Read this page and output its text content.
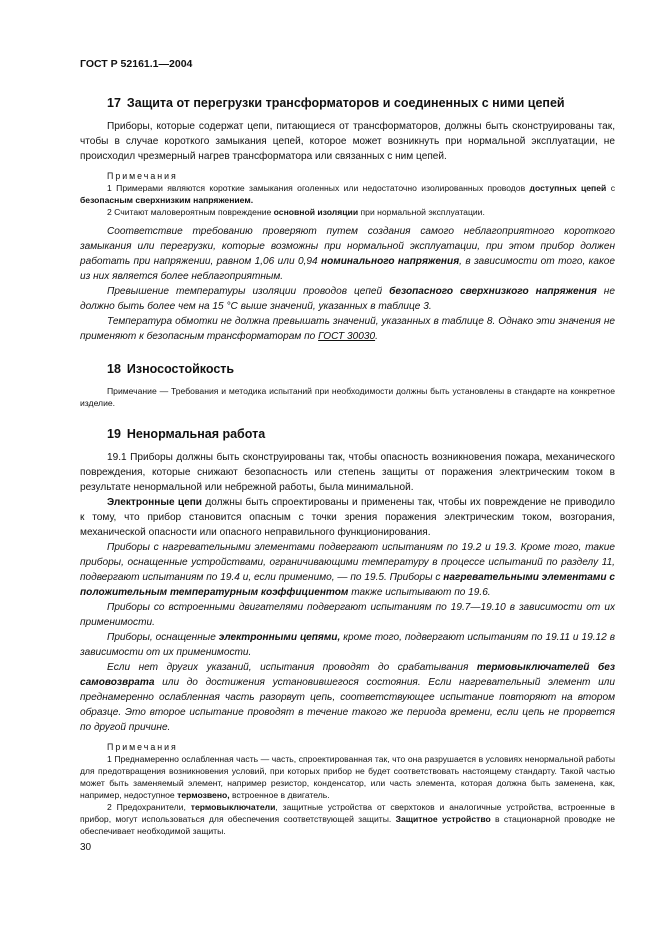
ГОСТ Р 52161.1—2004
17 Защита от перегрузки трансформаторов и соединенных с ними цепей

Приборы, которые содержат цепи, питающиеся от трансформаторов, должны быть сконструированы так, чтобы в случае короткого замыкания цепей, которое может возникнуть при нормальной эксплуатации, не происходил чрезмерный нагрев трансформатора или связанных с ним цепей.

Примечания

1 Примерами являются короткие замыкания оголенных или недостаточно изолированных проводов доступных цепей с безопасным сверхнизким напряжением.

2 Считают маловероятным повреждение основной изоляции при нормальной эксплуатации.

Соответствие требованию проверяют путем создания самого неблагоприятного короткого замыкания или перегрузки, которые возможны при нормальной эксплуатации, при этом прибор должен работать при напряжении, равном 1,06 или 0,94 номинального напряжения, в зависимости от того, какое из них является более неблагоприятным.

Превышение температуры изоляции проводов цепей безопасного сверхнизкого напряжения не должно быть более чем на 15 °С выше значений, указанных в таблице 3.

Температура обмотки не должна превышать значений, указанных в таблице 8. Однако эти значения не применяют к безопасным трансформаторам по ГОСТ 30030.

18 Износостойкость

Примечание — Требования и методика испытаний при необходимости должны быть установлены в стандарте на конкретное изделие.

19 Ненормальная работа

19.1 Приборы должны быть сконструированы так, чтобы опасность возникновения пожара, механического повреждения, которые снижают безопасность или степень защиты от поражения электрическим током в результате ненормальной или небрежной работы, была минимальной.

Электронные цепи должны быть спроектированы и применены так, чтобы их повреждение не приводило к тому, что прибор становится опасным с точки зрения поражения электрическим током, возгорания, механической опасности или опасного неправильного функционирования.

Приборы с нагревательными элементами подвергают испытаниям по 19.2 и 19.3. Кроме того, такие приборы, оснащенные устройствами, ограничивающими температуру в процессе испытаний по разделу 11, подвергают испытаниям по 19.4 и, если применимо, — по 19.5. Приборы с нагревательными элементами с положительным температурным коэффициентом также испытывают по 19.6.

Приборы со встроенными двигателями подвергают испытаниям по 19.7—19.10 в зависимости от их применимости.

Приборы, оснащенные электронными цепями, кроме того, подвергают испытаниям по 19.11 и 19.12 в зависимости от их применимости.

Если нет других указаний, испытания проводят до срабатывания термовыключателей без самовозврата или до достижения установившегося состояния. Если нагревательный элемент или преднамеренно ослабленная часть разорвут цепь, соответствующее испытание повторяют на втором образце. Это второе испытание проводят в течение такого же периода времени, если цепь не прорвется по другой причине.

Примечания

1 Преднамеренно ослабленная часть — часть, спроектированная так, что она разрушается в условиях ненормальной работы для предотвращения возникновения условий, при которых прибор не будет соответствовать настоящему стандарту. Такой частью может быть заменяемый элемент, например резистор, конденсатор, или часть элемента, которая должна быть заменена, как, например, недоступное термозвено, встроенное в двигатель.

2 Предохранители, термовыключатели, защитные устройства от сверхтоков и аналогичные устройства, встроенные в прибор, могут использоваться для обеспечения соответствующей защиты. Защитное устройство в стационарной проводке не обеспечивает необходимой защиты.

30
